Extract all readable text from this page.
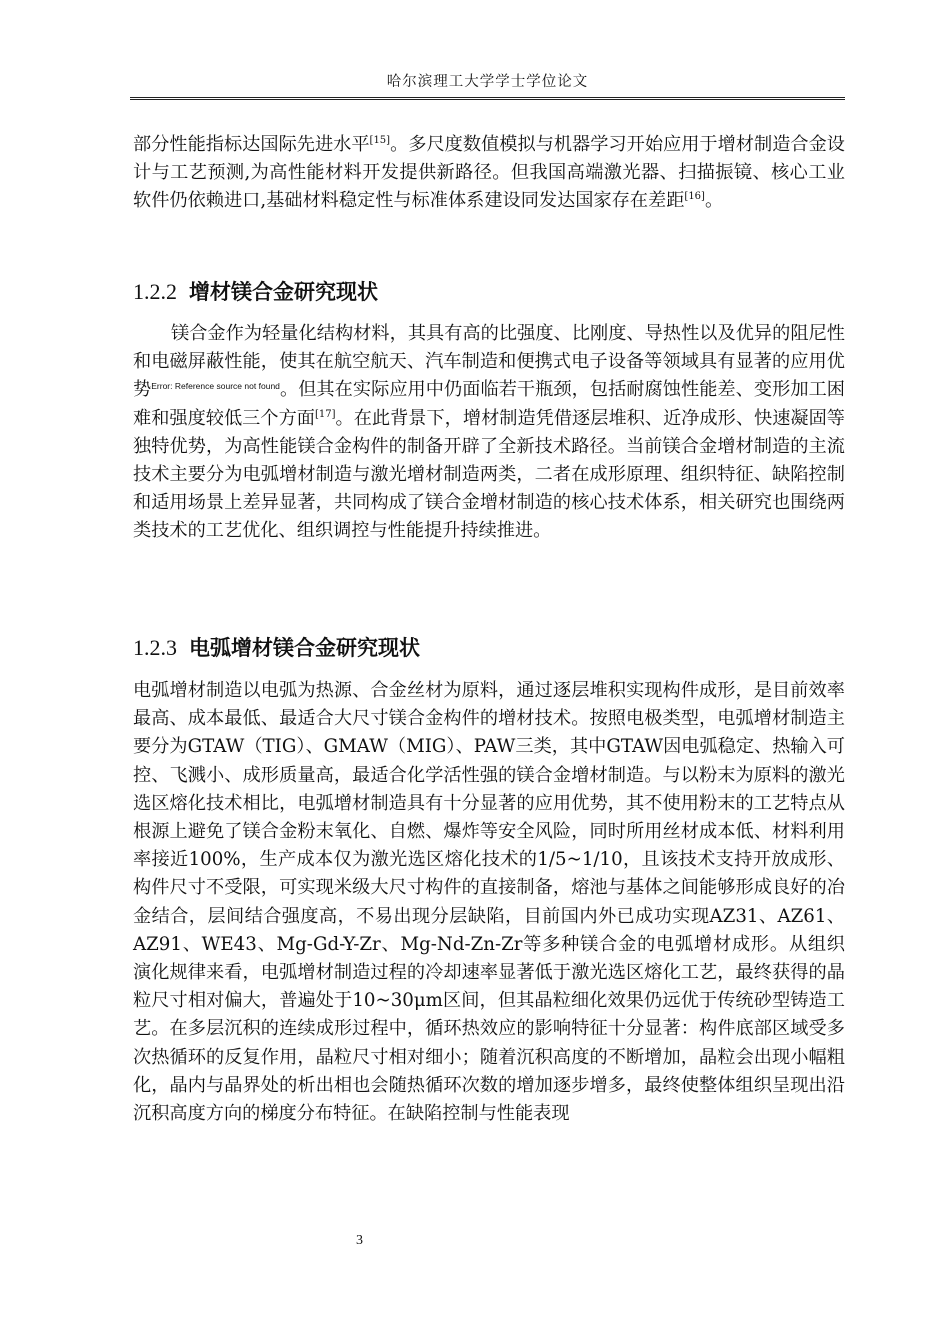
哈尔滨理工大学学士学位论文

部分性能指标达国际先进水平[15]。多尺度数值模拟与机器学习开始应用于增材制造合金设计与工艺预测,为高性能材料开发提供新路径。但我国高端激光器、扫描振镜、核心工业软件仍依赖进口,基础材料稳定性与标准体系建设同发达国家存在差距[16]。

1.2.2 增材镁合金研究现状

镁合金作为轻量化结构材料，其具有高的比强度、比刚度、导热性以及优异的阻尼性和电磁屏蔽性能，使其在航空航天、汽车制造和便携式电子设备等领域具有显著的应用优势$^{Error: Reference source not found}$。但其在实际应用中仍面临若干瓶颈，包括耐腐蚀性能差、变形加工困难和强度较低三个方面[17]。在此背景下，增材制造凭借逐层堆积、近净成形、快速凝固等独特优势，为高性能镁合金构件的制备开辟了全新技术路径。当前镁合金增材制造的主流技术主要分为电弧增材制造与激光增材制造两类，二者在成形原理、组织特征、缺陷控制和适用场景上差异显著，共同构成了镁合金增材制造的核心技术体系，相关研究也围绕两类技术的工艺优化、组织调控与性能提升持续推进。

1.2.3 电弧增材镁合金研究现状

电弧增材制造以电弧为热源、合金丝材为原料，通过逐层堆积实现构件成形，是目前效率最高、成本最低、最适合大尺寸镁合金构件的增材技术。按照电极类型，电弧增材制造主要分为GTAW（TIG）、GMAW（MIG）、PAW三类，其中GTAW因电弧稳定、热输入可控、飞溅小、成形质量高，最适合化学活性强的镁合金增材制造。与以粉末为原料的激光选区熔化技术相比，电弧增材制造具有十分显著的应用优势，其不使用粉末的工艺特点从根源上避免了镁合金粉末氧化、自燃、爆炸等安全风险，同时所用丝材成本低、材料利用率接近100%，生产成本仅为激光选区熔化技术的1/5~1/10，且该技术支持开放成形、构件尺寸不受限，可实现米级大尺寸构件的直接制备，熔池与基体之间能够形成良好的冶金结合，层间结合强度高，不易出现分层缺陷，目前国内外已成功实现AZ31、AZ61、AZ91、WE43、Mg-Gd-Y-Zr、Mg-Nd-Zn-Zr等多种镁合金的电弧增材成形。从组织演化规律来看，电弧增材制造过程的冷却速率显著低于激光选区熔化工艺，最终获得的晶粒尺寸相对偏大，普遍处于10~30μm区间，但其晶粒细化效果仍远优于传统砂型铸造工艺。在多层沉积的连续成形过程中，循环热效应的影响特征十分显著：构件底部区域受多次热循环的反复作用，晶粒尺寸相对细小；随着沉积高度的不断增加，晶粒会出现小幅粗化，晶内与晶界处的析出相也会随热循环次数的增加逐步增多，最终使整体组织呈现出沿沉积高度方向的梯度分布特征。在缺陷控制与性能表现

3
